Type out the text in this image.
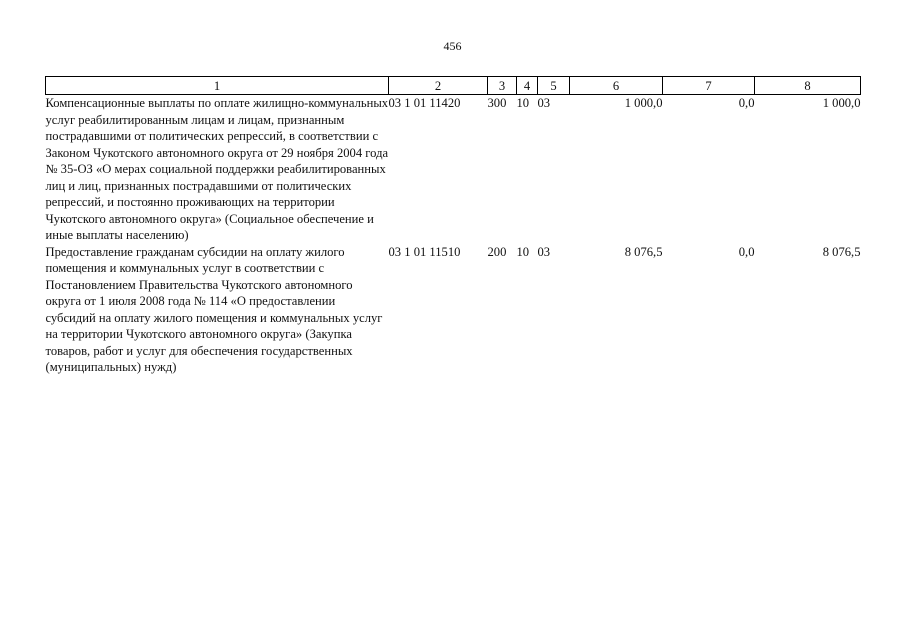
456
1	2	3	4	5	6	7	8
Компенсационные выплаты по оплате жилищно-коммунальных услуг реабилитированным лицам и лицам, признанным пострадавшими от политических репрессий, в соответствии с Законом Чукотского автономного округа от 29 ноября 2004 года № 35-ОЗ «О мерах социальной поддержки реабилитированных лиц и лиц, признанных пострадавшими от политических репрессий, и постоянно проживающих на территории Чукотского автономного округа» (Социальное обеспечение и иные выплаты населению)	03 1 01 11420	300	10	03	1 000,0	0,0	1 000,0
Предоставление гражданам субсидии на оплату жилого помещения и коммунальных услуг в соответствии с Постановлением Правительства Чукотского автономного округа от 1 июля 2008 года № 114 «О предоставлении субсидий на оплату жилого помещения и коммунальных услуг на территории Чукотского автономного округа» (Закупка товаров, работ и услуг для обеспечения государственных (муниципальных) нужд)	03 1 01 11510	200	10	03	8 076,5	0,0	8 076,5
